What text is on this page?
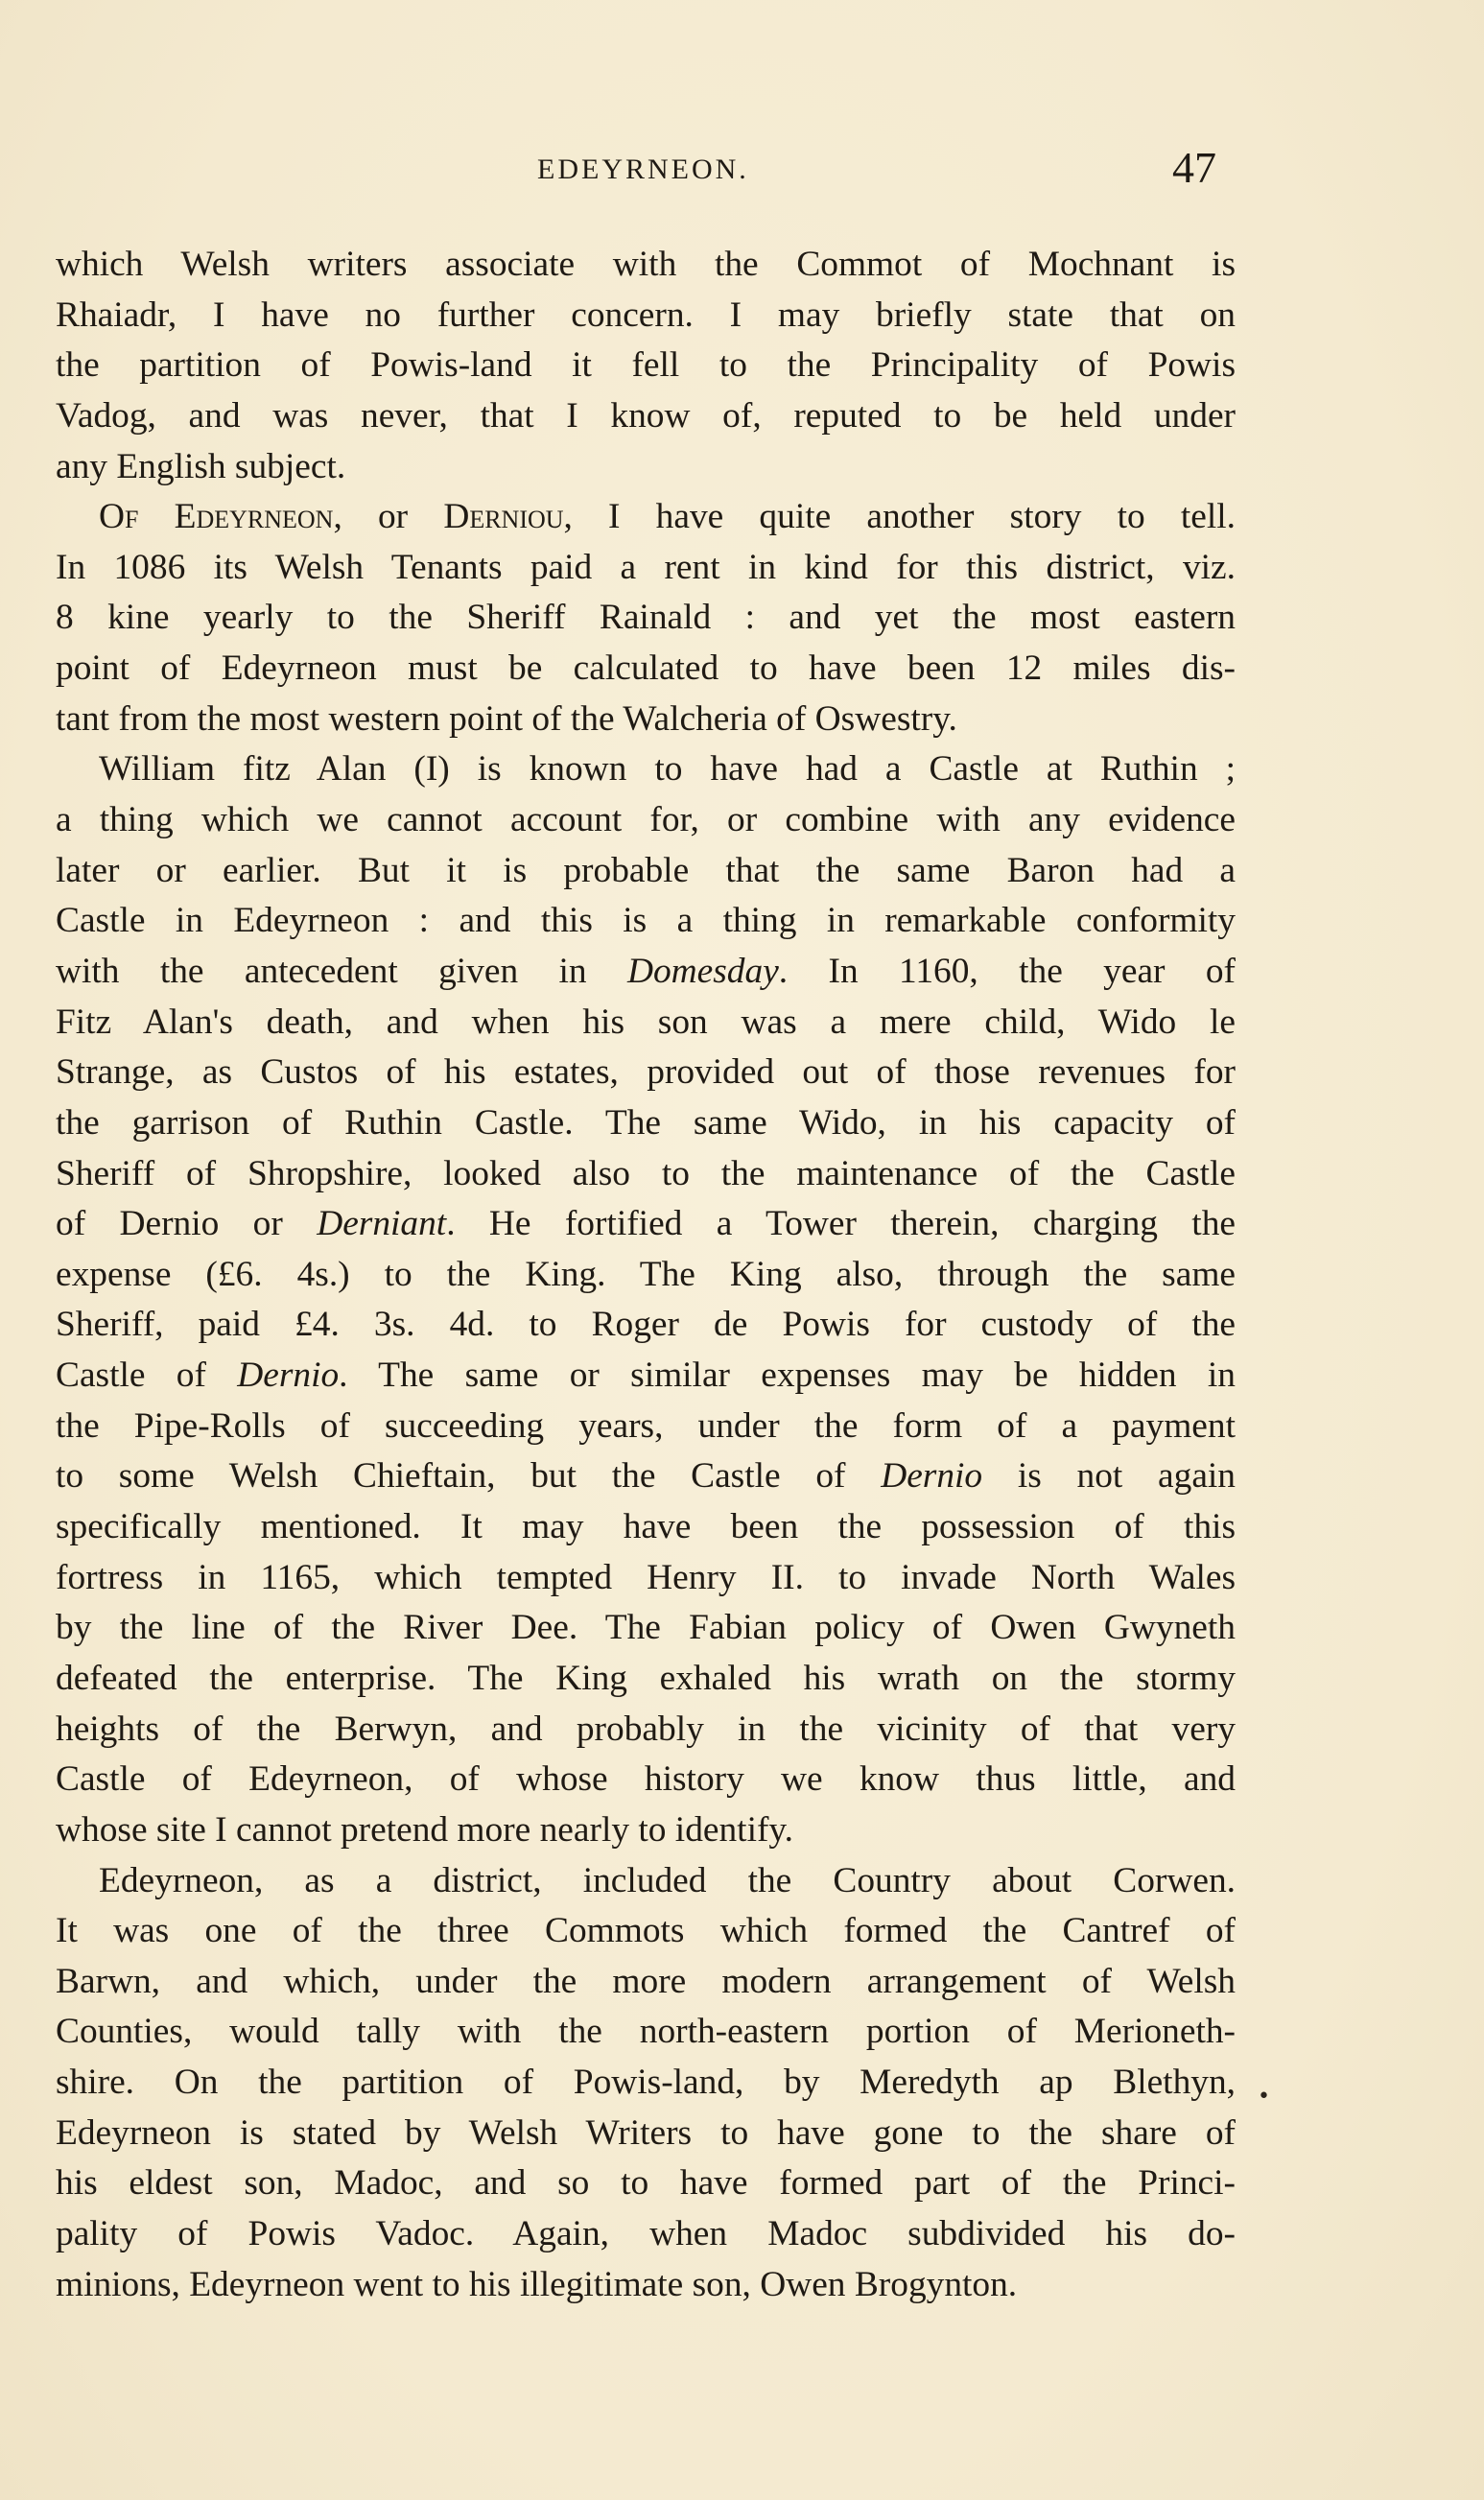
EDEYRNEON.	47
which Welsh writers associate with the Commot of Mochnant is
Rhaiadr, I have no further concern. I may briefly state that on
the partition of Powis-land it fell to the Principality of Powis
Vadog, and was never, that I know of, reputed to be held under
any English subject.
Of Edeyrneon, or Derniou, I have quite another story to tell.
In 1086 its Welsh Tenants paid a rent in kind for this district, viz.
8 kine yearly to the Sheriff Rainald : and yet the most eastern
point of Edeyrneon must be calculated to have been 12 miles dis-
tant from the most western point of the Walcheria of Oswestry.
William fitz Alan (I) is known to have had a Castle at Ruthin ;
a thing which we cannot account for, or combine with any evidence
later or earlier. But it is probable that the same Baron had a
Castle in Edeyrneon : and this is a thing in remarkable conformity
with the antecedent given in Domesday. In 1160, the year of
Fitz Alan's death, and when his son was a mere child, Wido le
Strange, as Custos of his estates, provided out of those revenues for
the garrison of Ruthin Castle. The same Wido, in his capacity of
Sheriff of Shropshire, looked also to the maintenance of the Castle
of Dernio or Derniant. He fortified a Tower therein, charging the
expense (£6. 4s.) to the King. The King also, through the same
Sheriff, paid £4. 3s. 4d. to Roger de Powis for custody of the
Castle of Dernio. The same or similar expenses may be hidden in
the Pipe-Rolls of succeeding years, under the form of a payment
to some Welsh Chieftain, but the Castle of Dernio is not again
specifically mentioned. It may have been the possession of this
fortress in 1165, which tempted Henry II. to invade North Wales
by the line of the River Dee. The Fabian policy of Owen Gwyneth
defeated the enterprise. The King exhaled his wrath on the stormy
heights of the Berwyn, and probably in the vicinity of that very
Castle of Edeyrneon, of whose history we know thus little, and
whose site I cannot pretend more nearly to identify.
Edeyrneon, as a district, included the Country about Corwen.
It was one of the three Commots which formed the Cantref of
Barwn, and which, under the more modern arrangement of Welsh
Counties, would tally with the north-eastern portion of Merioneth-
shire. On the partition of Powis-land, by Meredyth ap Blethyn,
Edeyrneon is stated by Welsh Writers to have gone to the share of
his eldest son, Madoc, and so to have formed part of the Princi-
pality of Powis Vadoc. Again, when Madoc subdivided his do-
minions, Edeyrneon went to his illegitimate son, Owen Brogynton.
•
